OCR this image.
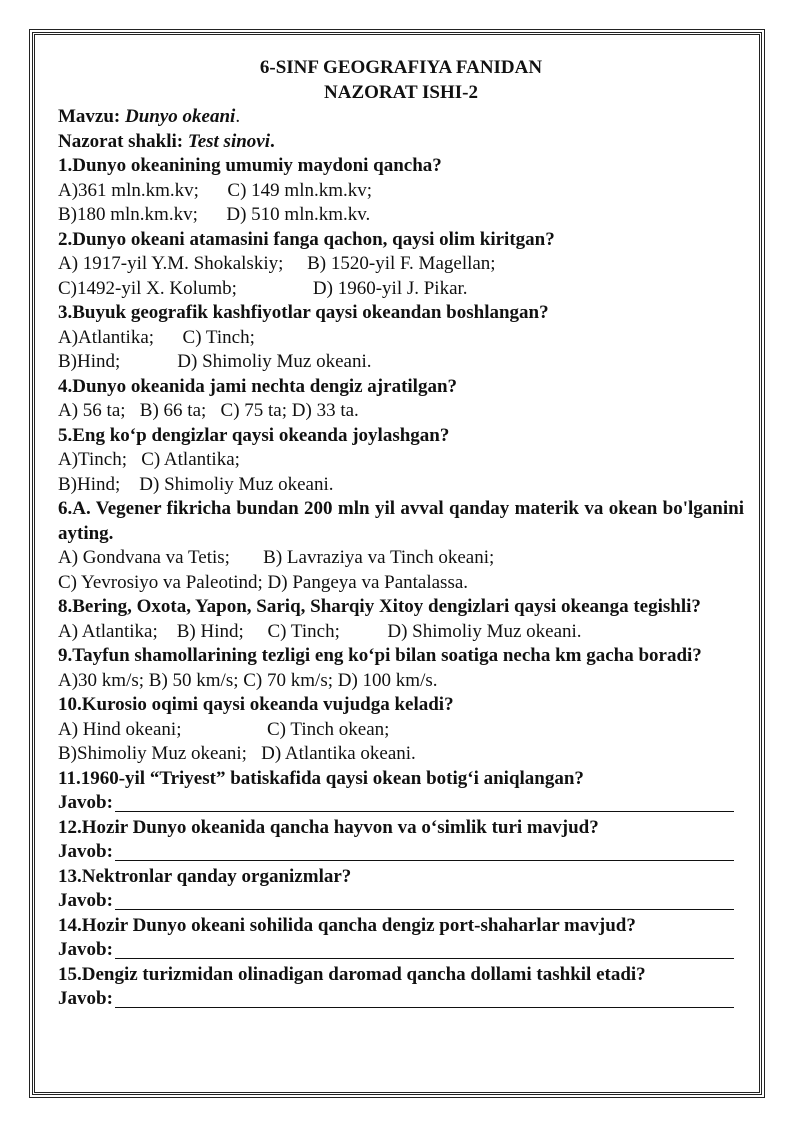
6-SINF GEOGRAFIYA FANIDAN
NAZORAT ISHI-2
Mavzu: Dunyo okeani.
Nazorat shakli: Test sinovi.
1.Dunyo okeanining umumiy maydoni qancha?
A)361 mln.km.kv;      C) 149 mln.km.kv;
B)180 mln.km.kv;      D) 510 mln.km.kv.
2.Dunyo okeani atamasini fanga qachon, qaysi olim kiritgan?
A) 1917-yil Y.M. Shokalskiy;     B) 1520-yil F. Magellan;
C)1492-yil X. Kolumb;                D) 1960-yil J. Pikar.
3.Buyuk geografik kashfiyotlar qaysi okeandan boshlangan?
A)Atlantika;      C) Tinch;
B)Hind;            D) Shimoliy Muz okeani.
4.Dunyo okeanida jami nechta dengiz ajratilgan?
A) 56 ta;   B) 66 ta;   C) 75 ta; D) 33 ta.
5.Eng ko‘p dengizlar qaysi okeanda joylashgan?
A)Tinch;   C) Atlantika;
B)Hind;    D) Shimoliy Muz okeani.
6.A. Vegener fikricha bundan 200 mln yil avval qanday materik va okean bo'lganini ayting.
A) Gondvana va Tetis;       B) Lavraziya va Tinch okeani;
C) Yevrosiyo va Paleotind; D) Pangeya va Pantalassa.
8.Bering, Oxota, Yapon, Sariq, Sharqiy Xitoy dengizlari qaysi okeanga tegishli?
A) Atlantika;    B) Hind;     C) Tinch;          D) Shimoliy Muz okeani.
9.Tayfun shamollarining tezligi eng ko‘pi bilan soatiga necha km gacha boradi?
A)30 km/s; B) 50 km/s; C) 70 km/s; D) 100 km/s.
10.Kurosio oqimi qaysi okeanda vujudga keladi?
A) Hind okeani;                  C) Tinch okean;
B)Shimoliy Muz okeani;   D) Atlantika okeani.
11.1960-yil “Triyest” batiskafida qaysi okean botig‘i aniqlangan?
Javob:
12.Hozir Dunyo okeanida qancha hayvon va o‘simlik turi mavjud?
Javob:
13.Nektronlar qanday organizmlar?
Javob:
14.Hozir Dunyo okeani sohilida qancha dengiz port-shaharlar mavjud?
Javob:
15.Dengiz turizmidan olinadigan daromad qancha dollami tashkil etadi?
Javob:
